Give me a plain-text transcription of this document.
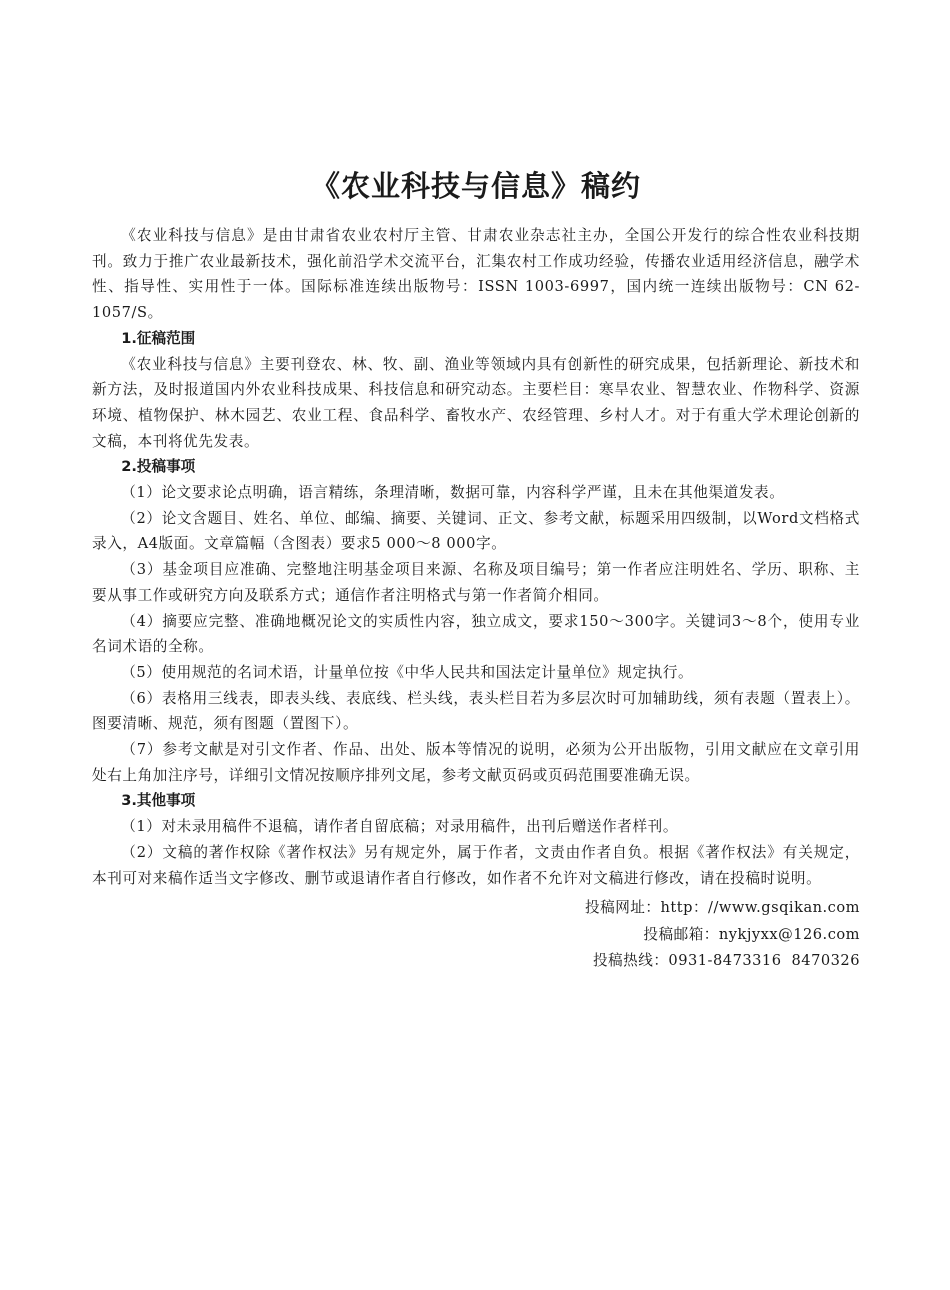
《农业科技与信息》稿约

《农业科技与信息》是由甘肃省农业农村厅主管、甘肃农业杂志社主办，全国公开发行的综合性农业科技期刊。致力于推广农业最新技术，强化前沿学术交流平台，汇集农村工作成功经验，传播农业适用经济信息，融学术性、指导性、实用性于一体。国际标准连续出版物号：ISSN 1003-6997，国内统一连续出版物号：CN 62-1057/S。

1.征稿范围

《农业科技与信息》主要刊登农、林、牧、副、渔业等领域内具有创新性的研究成果，包括新理论、新技术和新方法，及时报道国内外农业科技成果、科技信息和研究动态。主要栏目：寒旱农业、智慧农业、作物科学、资源环境、植物保护、林木园艺、农业工程、食品科学、畜牧水产、农经管理、乡村人才。对于有重大学术理论创新的文稿，本刊将优先发表。

2.投稿事项

（1）论文要求论点明确，语言精练，条理清晰，数据可靠，内容科学严谨，且未在其他渠道发表。

（2）论文含题目、姓名、单位、邮编、摘要、关键词、正文、参考文献，标题采用四级制，以Word文档格式录入，A4版面。文章篇幅（含图表）要求5 000～8 000字。

（3）基金项目应准确、完整地注明基金项目来源、名称及项目编号；第一作者应注明姓名、学历、职称、主要从事工作或研究方向及联系方式；通信作者注明格式与第一作者简介相同。

（4）摘要应完整、准确地概况论文的实质性内容，独立成文，要求150～300字。关键词3～8个，使用专业名词术语的全称。

（5）使用规范的名词术语，计量单位按《中华人民共和国法定计量单位》规定执行。

（6）表格用三线表，即表头线、表底线、栏头线，表头栏目若为多层次时可加辅助线，须有表题（置表上）。图要清晰、规范，须有图题（置图下）。

（7）参考文献是对引文作者、作品、出处、版本等情况的说明，必须为公开出版物，引用文献应在文章引用处右上角加注序号，详细引文情况按顺序排列文尾，参考文献页码或页码范围要准确无误。

3.其他事项

（1）对未录用稿件不退稿，请作者自留底稿；对录用稿件，出刊后赠送作者样刊。

（2）文稿的著作权除《著作权法》另有规定外，属于作者，文责由作者自负。根据《著作权法》有关规定，本刊可对来稿作适当文字修改、删节或退请作者自行修改，如作者不允许对文稿进行修改，请在投稿时说明。

投稿网址：http：//www.gsqikan.com
投稿邮箱：nykjyxx@126.com
投稿热线：0931-8473316 8470326
